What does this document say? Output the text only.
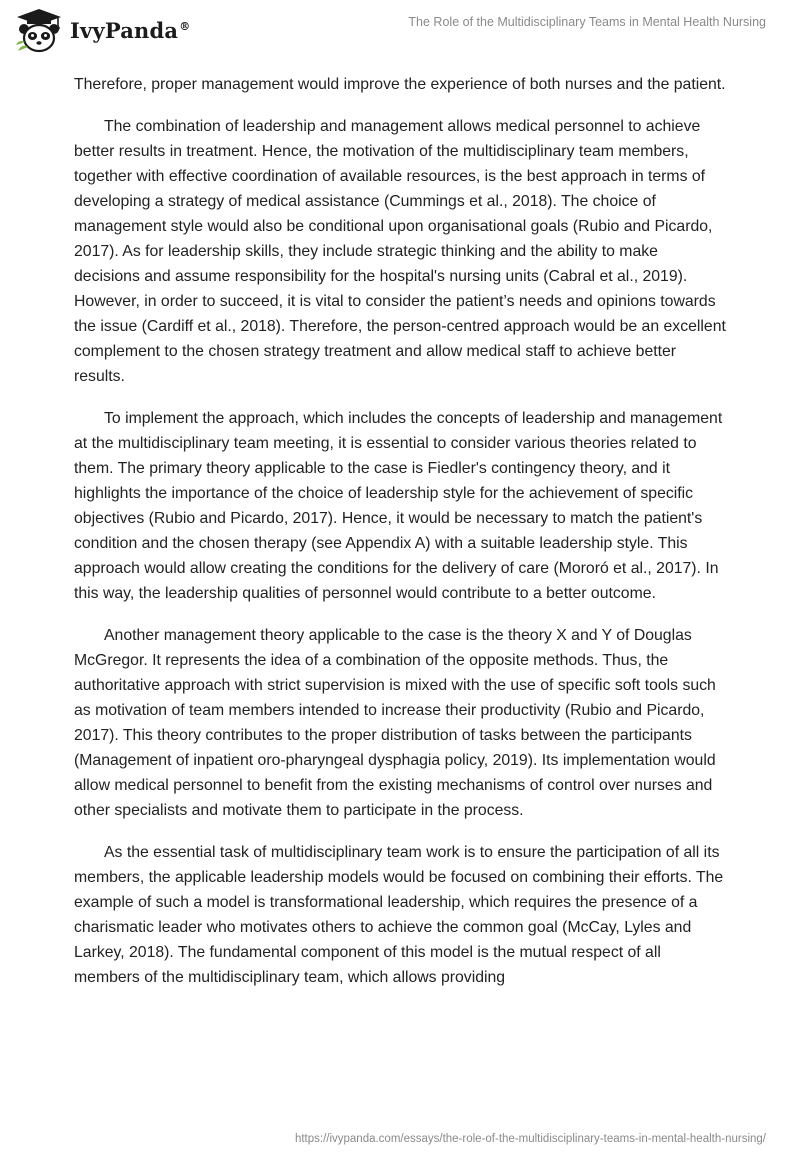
IvyPanda®	The Role of the Multidisciplinary Teams in Mental Health Nursing

Therefore, proper management would improve the experience of both nurses and the patient.

The combination of leadership and management allows medical personnel to achieve better results in treatment. Hence, the motivation of the multidisciplinary team members, together with effective coordination of available resources, is the best approach in terms of developing a strategy of medical assistance (Cummings et al., 2018). The choice of management style would also be conditional upon organisational goals (Rubio and Picardo, 2017). As for leadership skills, they include strategic thinking and the ability to make decisions and assume responsibility for the hospital's nursing units (Cabral et al., 2019). However, in order to succeed, it is vital to consider the patient’s needs and opinions towards the issue (Cardiff et al., 2018). Therefore, the person-centred approach would be an excellent complement to the chosen strategy treatment and allow medical staff to achieve better results.

To implement the approach, which includes the concepts of leadership and management at the multidisciplinary team meeting, it is essential to consider various theories related to them. The primary theory applicable to the case is Fiedler's contingency theory, and it highlights the importance of the choice of leadership style for the achievement of specific objectives (Rubio and Picardo, 2017). Hence, it would be necessary to match the patient's condition and the chosen therapy (see Appendix A) with a suitable leadership style. This approach would allow creating the conditions for the delivery of care (Mororó et al., 2017). In this way, the leadership qualities of personnel would contribute to a better outcome.

Another management theory applicable to the case is the theory X and Y of Douglas McGregor. It represents the idea of a combination of the opposite methods. Thus, the authoritative approach with strict supervision is mixed with the use of specific soft tools such as motivation of team members intended to increase their productivity (Rubio and Picardo, 2017). This theory contributes to the proper distribution of tasks between the participants (Management of inpatient oro-pharyngeal dysphagia policy, 2019). Its implementation would allow medical personnel to benefit from the existing mechanisms of control over nurses and other specialists and motivate them to participate in the process.

As the essential task of multidisciplinary team work is to ensure the participation of all its members, the applicable leadership models would be focused on combining their efforts. The example of such a model is transformational leadership, which requires the presence of a charismatic leader who motivates others to achieve the common goal (McCay, Lyles and Larkey, 2018). The fundamental component of this model is the mutual respect of all members of the multidisciplinary team, which allows providing

https://ivypanda.com/essays/the-role-of-the-multidisciplinary-teams-in-mental-health-nursing/
